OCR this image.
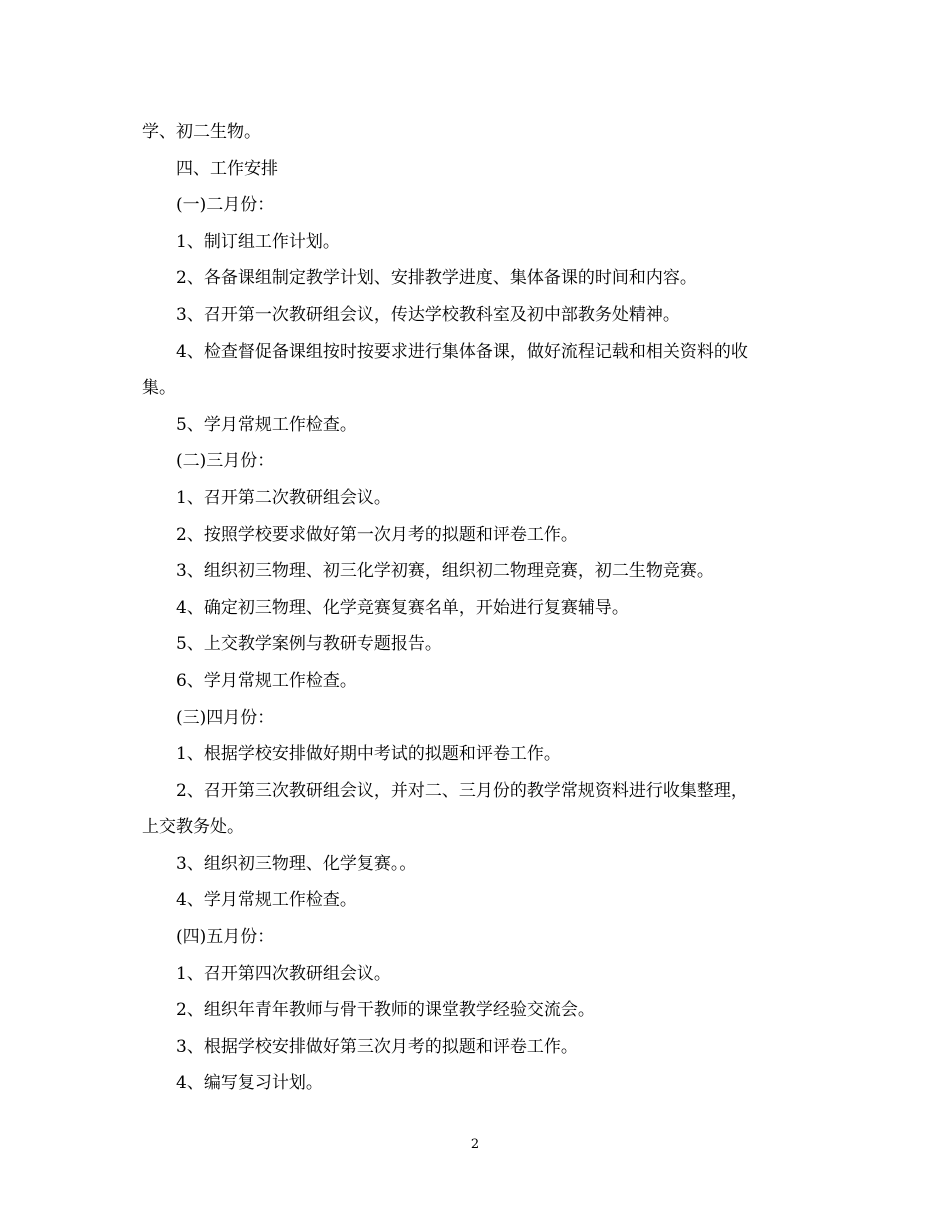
学、初二生物。
四、工作安排
(一)二月份：
1、制订组工作计划。
2、各备课组制定教学计划、安排教学进度、集体备课的时间和内容。
3、召开第一次教研组会议，传达学校教科室及初中部教务处精神。
4、检查督促备课组按时按要求进行集体备课，做好流程记载和相关资料的收
集。
5、学月常规工作检查。
(二)三月份：
1、召开第二次教研组会议。
2、按照学校要求做好第一次月考的拟题和评卷工作。
3、组织初三物理、初三化学初赛，组织初二物理竞赛，初二生物竞赛。
4、确定初三物理、化学竞赛复赛名单，开始进行复赛辅导。
5、上交教学案例与教研专题报告。
6、学月常规工作检查。
(三)四月份：
1、根据学校安排做好期中考试的拟题和评卷工作。
2、召开第三次教研组会议，并对二、三月份的教学常规资料进行收集整理，
上交教务处。
3、组织初三物理、化学复赛。。
4、学月常规工作检查。
(四)五月份：
1、召开第四次教研组会议。
2、组织年青年教师与骨干教师的课堂教学经验交流会。
3、根据学校安排做好第三次月考的拟题和评卷工作。
4、编写复习计划。
2
